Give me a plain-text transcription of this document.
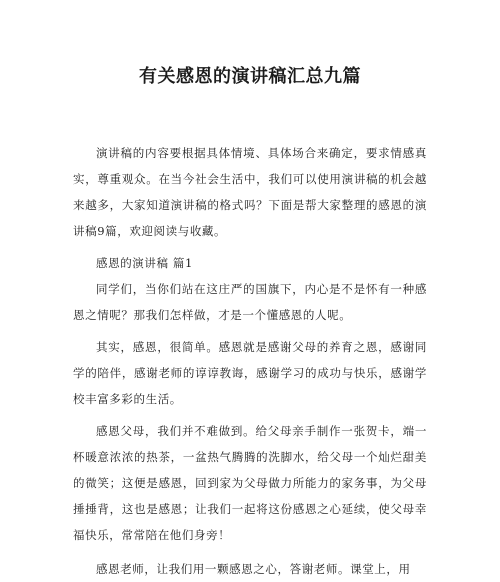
有关感恩的演讲稿汇总九篇

演讲稿的内容要根据具体情境、具体场合来确定，要求情感真实，尊重观众。在当今社会生活中，我们可以使用演讲稿的机会越来越多，大家知道演讲稿的格式吗？下面是帮大家整理的感恩的演讲稿9篇，欢迎阅读与收藏。

感恩的演讲稿 篇1

同学们，当你们站在这庄严的国旗下，内心是不是怀有一种感恩之情呢？那我们怎样做，才是一个懂感恩的人呢。

其实，感恩，很简单。感恩就是感谢父母的养育之恩，感谢同学的陪伴，感谢老师的谆谆教诲，感谢学习的成功与快乐，感谢学校丰富多彩的生活。

感恩父母，我们并不难做到。给父母亲手制作一张贺卡，端一杯暖意浓浓的热茶，一盆热气腾腾的洗脚水，给父母一个灿烂甜美的微笑；这便是感恩，回到家为父母做力所能力的家务事，为父母捶捶背，这也是感恩；让我们一起将这份感恩之心延续，使父母幸福快乐，常常陪在他们身旁！

感恩老师，让我们用一颗感恩之心，答谢老师。课堂上，用
